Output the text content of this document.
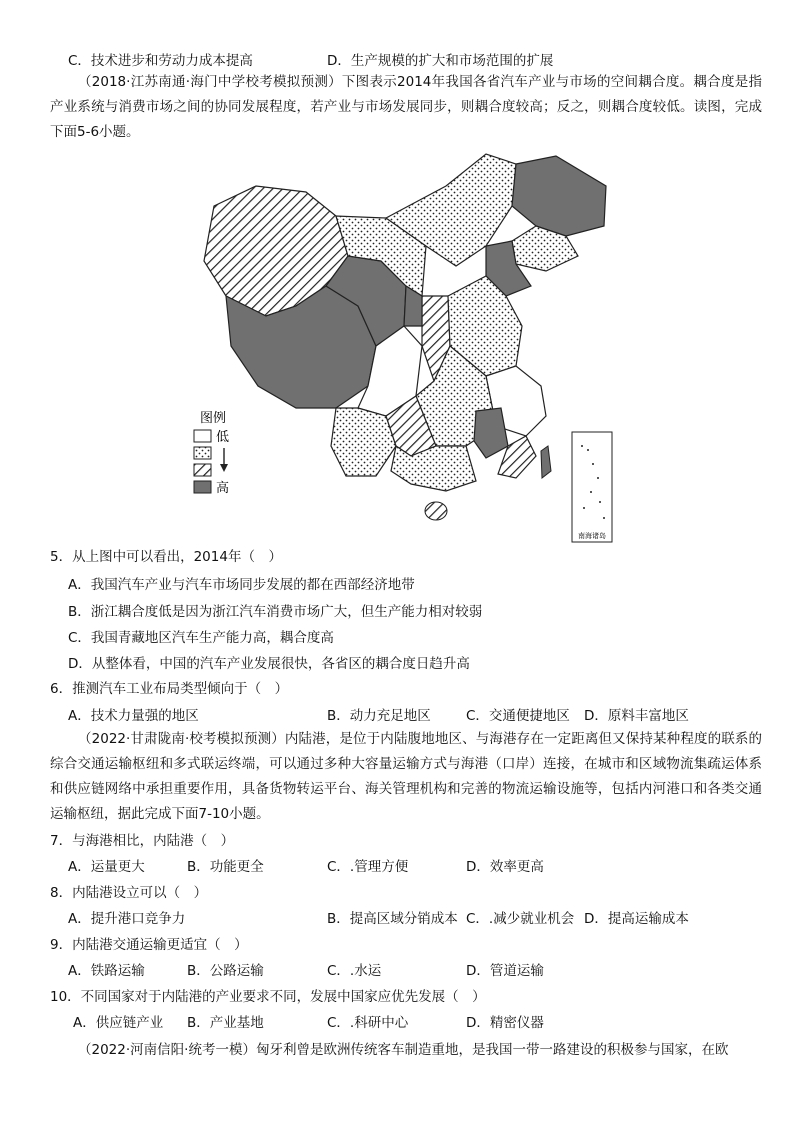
C．技术进步和劳动力成本提高	D．生产规模的扩大和市场范围的扩展
（2018·江苏南通·海门中学校考模拟预测）下图表示2014年我国各省汽车产业与市场的空间耦合度。耦合度是指产业系统与消费市场之间的协同发展程度，若产业与市场发展同步，则耦合度较高；反之，则耦合度较低。读图，完成下面5-6小题。
南海诸岛
图例
低
高
5．从上图中可以看出，2014年（　）
A．我国汽车产业与汽车市场同步发展的都在西部经济地带
B．浙江耦合度低是因为浙江汽车消费市场广大，但生产能力相对较弱
C．我国青藏地区汽车生产能力高，耦合度高
D．从整体看，中国的汽车产业发展很快，各省区的耦合度日趋升高
6．推测汽车工业布局类型倾向于（　）
A．技术力量强的地区	B．动力充足地区	C．交通便捷地区 D．原料丰富地区
（2022·甘肃陇南·校考模拟预测）内陆港，是位于内陆腹地地区、与海港存在一定距离但又保持某种程度的联系的综合交通运输枢纽和多式联运终端，可以通过多种大容量运输方式与海港（口岸）连接，在城市和区域物流集疏运体系和供应链网络中承担重要作用，具备货物转运平台、海关管理机构和完善的物流运输设施等，包括内河港口和各类交通运输枢纽，据此完成下面7-10小题。
7．与海港相比，内陆港（　）
A．运量更大	B．功能更全	C．.管理方便	D．效率更高
8．内陆港设立可以（　）
A．提升港口竞争力	B．提高区域分销成本 C．.减少就业机会 D．提高运输成本
9．内陆港交通运输更适宜（　）
A．铁路运输	B．公路运输	C．.水运	D．管道运输
10．不同国家对于内陆港的产业要求不同，发展中国家应优先发展（　）
A．供应链产业 B．产业基地	C．.科研中心	D．精密仪器
（2022·河南信阳·统考一模）匈牙利曾是欧洲传统客车制造重地，是我国一带一路建设的积极参与国家，在欧
